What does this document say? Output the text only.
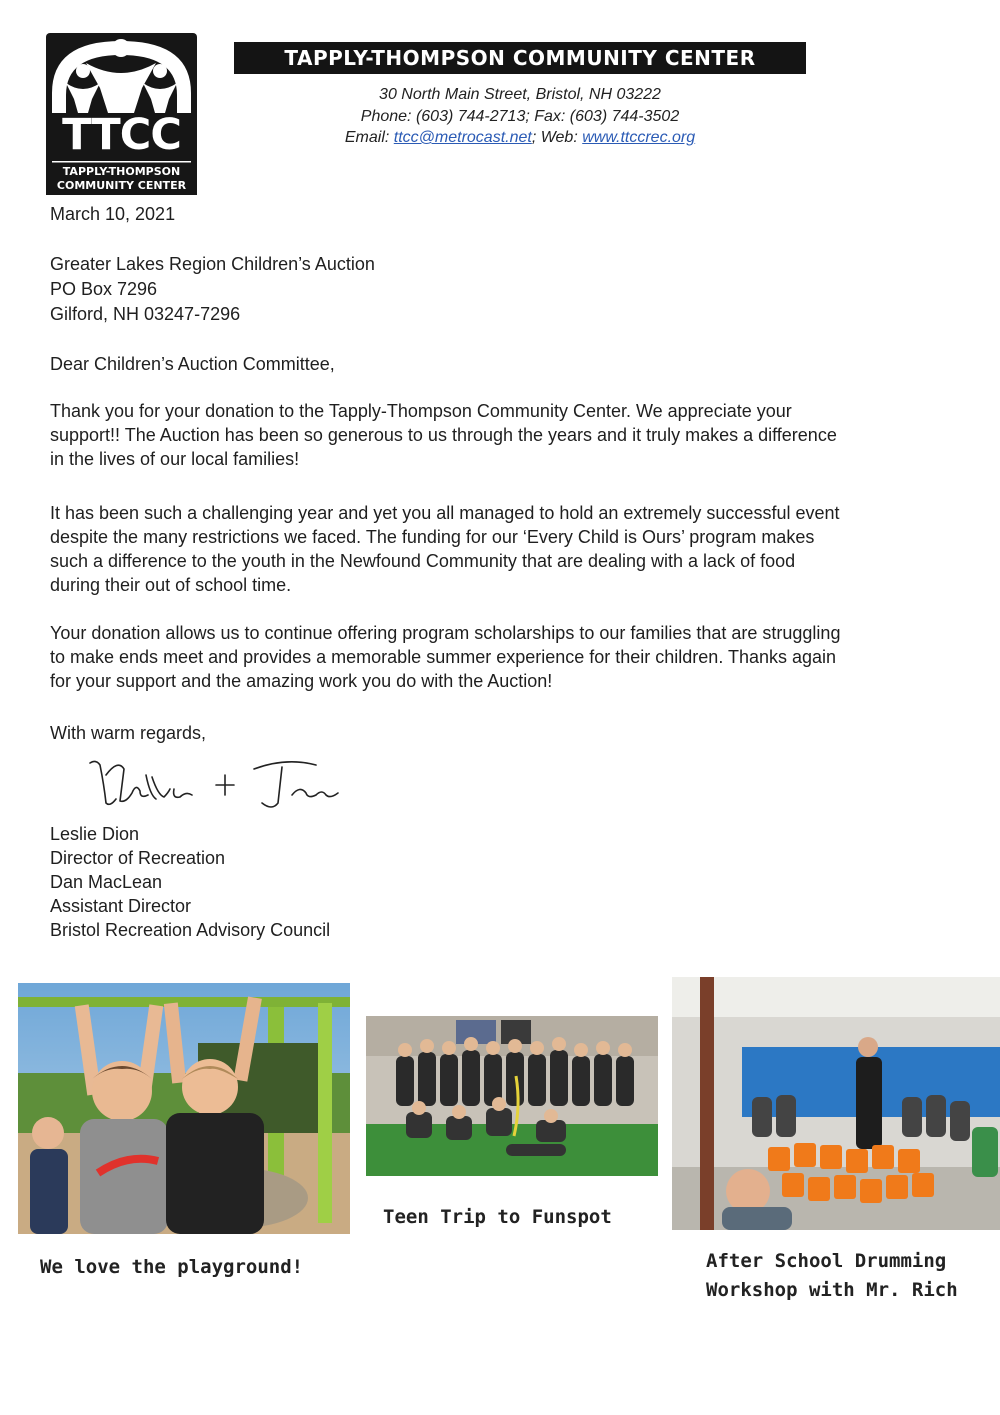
TTCC
TAPPLY-THOMPSON
COMMUNITY CENTER
TAPPLY-THOMPSON COMMUNITY CENTER
30 North Main Street, Bristol, NH 03222
Phone: (603) 744-2713; Fax: (603) 744-3502
Email: ttcc@metrocast.net; Web: www.ttccrec.org
March 10, 2021
Greater Lakes Region Children’s Auction
PO Box 7296
Gilford, NH 03247-7296
Dear Children’s Auction Committee,
Thank you for your donation to the Tapply-Thompson Community Center. We appreciate your
support!! The Auction has been so generous to us through the years and it truly makes a difference
in the lives of our local families!
It has been such a challenging year and yet you all managed to hold an extremely successful event
despite the many restrictions we faced. The funding for our ‘Every Child is Ours’ program makes
such a difference to the youth in the Newfound Community that are dealing with a lack of food
during their out of school time.
Your donation allows us to continue offering program scholarships to our families that are struggling
to make ends meet and provides a memorable summer experience for their children. Thanks again
for your support and the amazing work you do with the Auction!
With warm regards,
Leslie Dion
Director of Recreation
Dan MacLean
Assistant Director
Bristol Recreation Advisory Council
We love the playground!
Teen Trip to Funspot
After School Drumming
Workshop with Mr. Rich
